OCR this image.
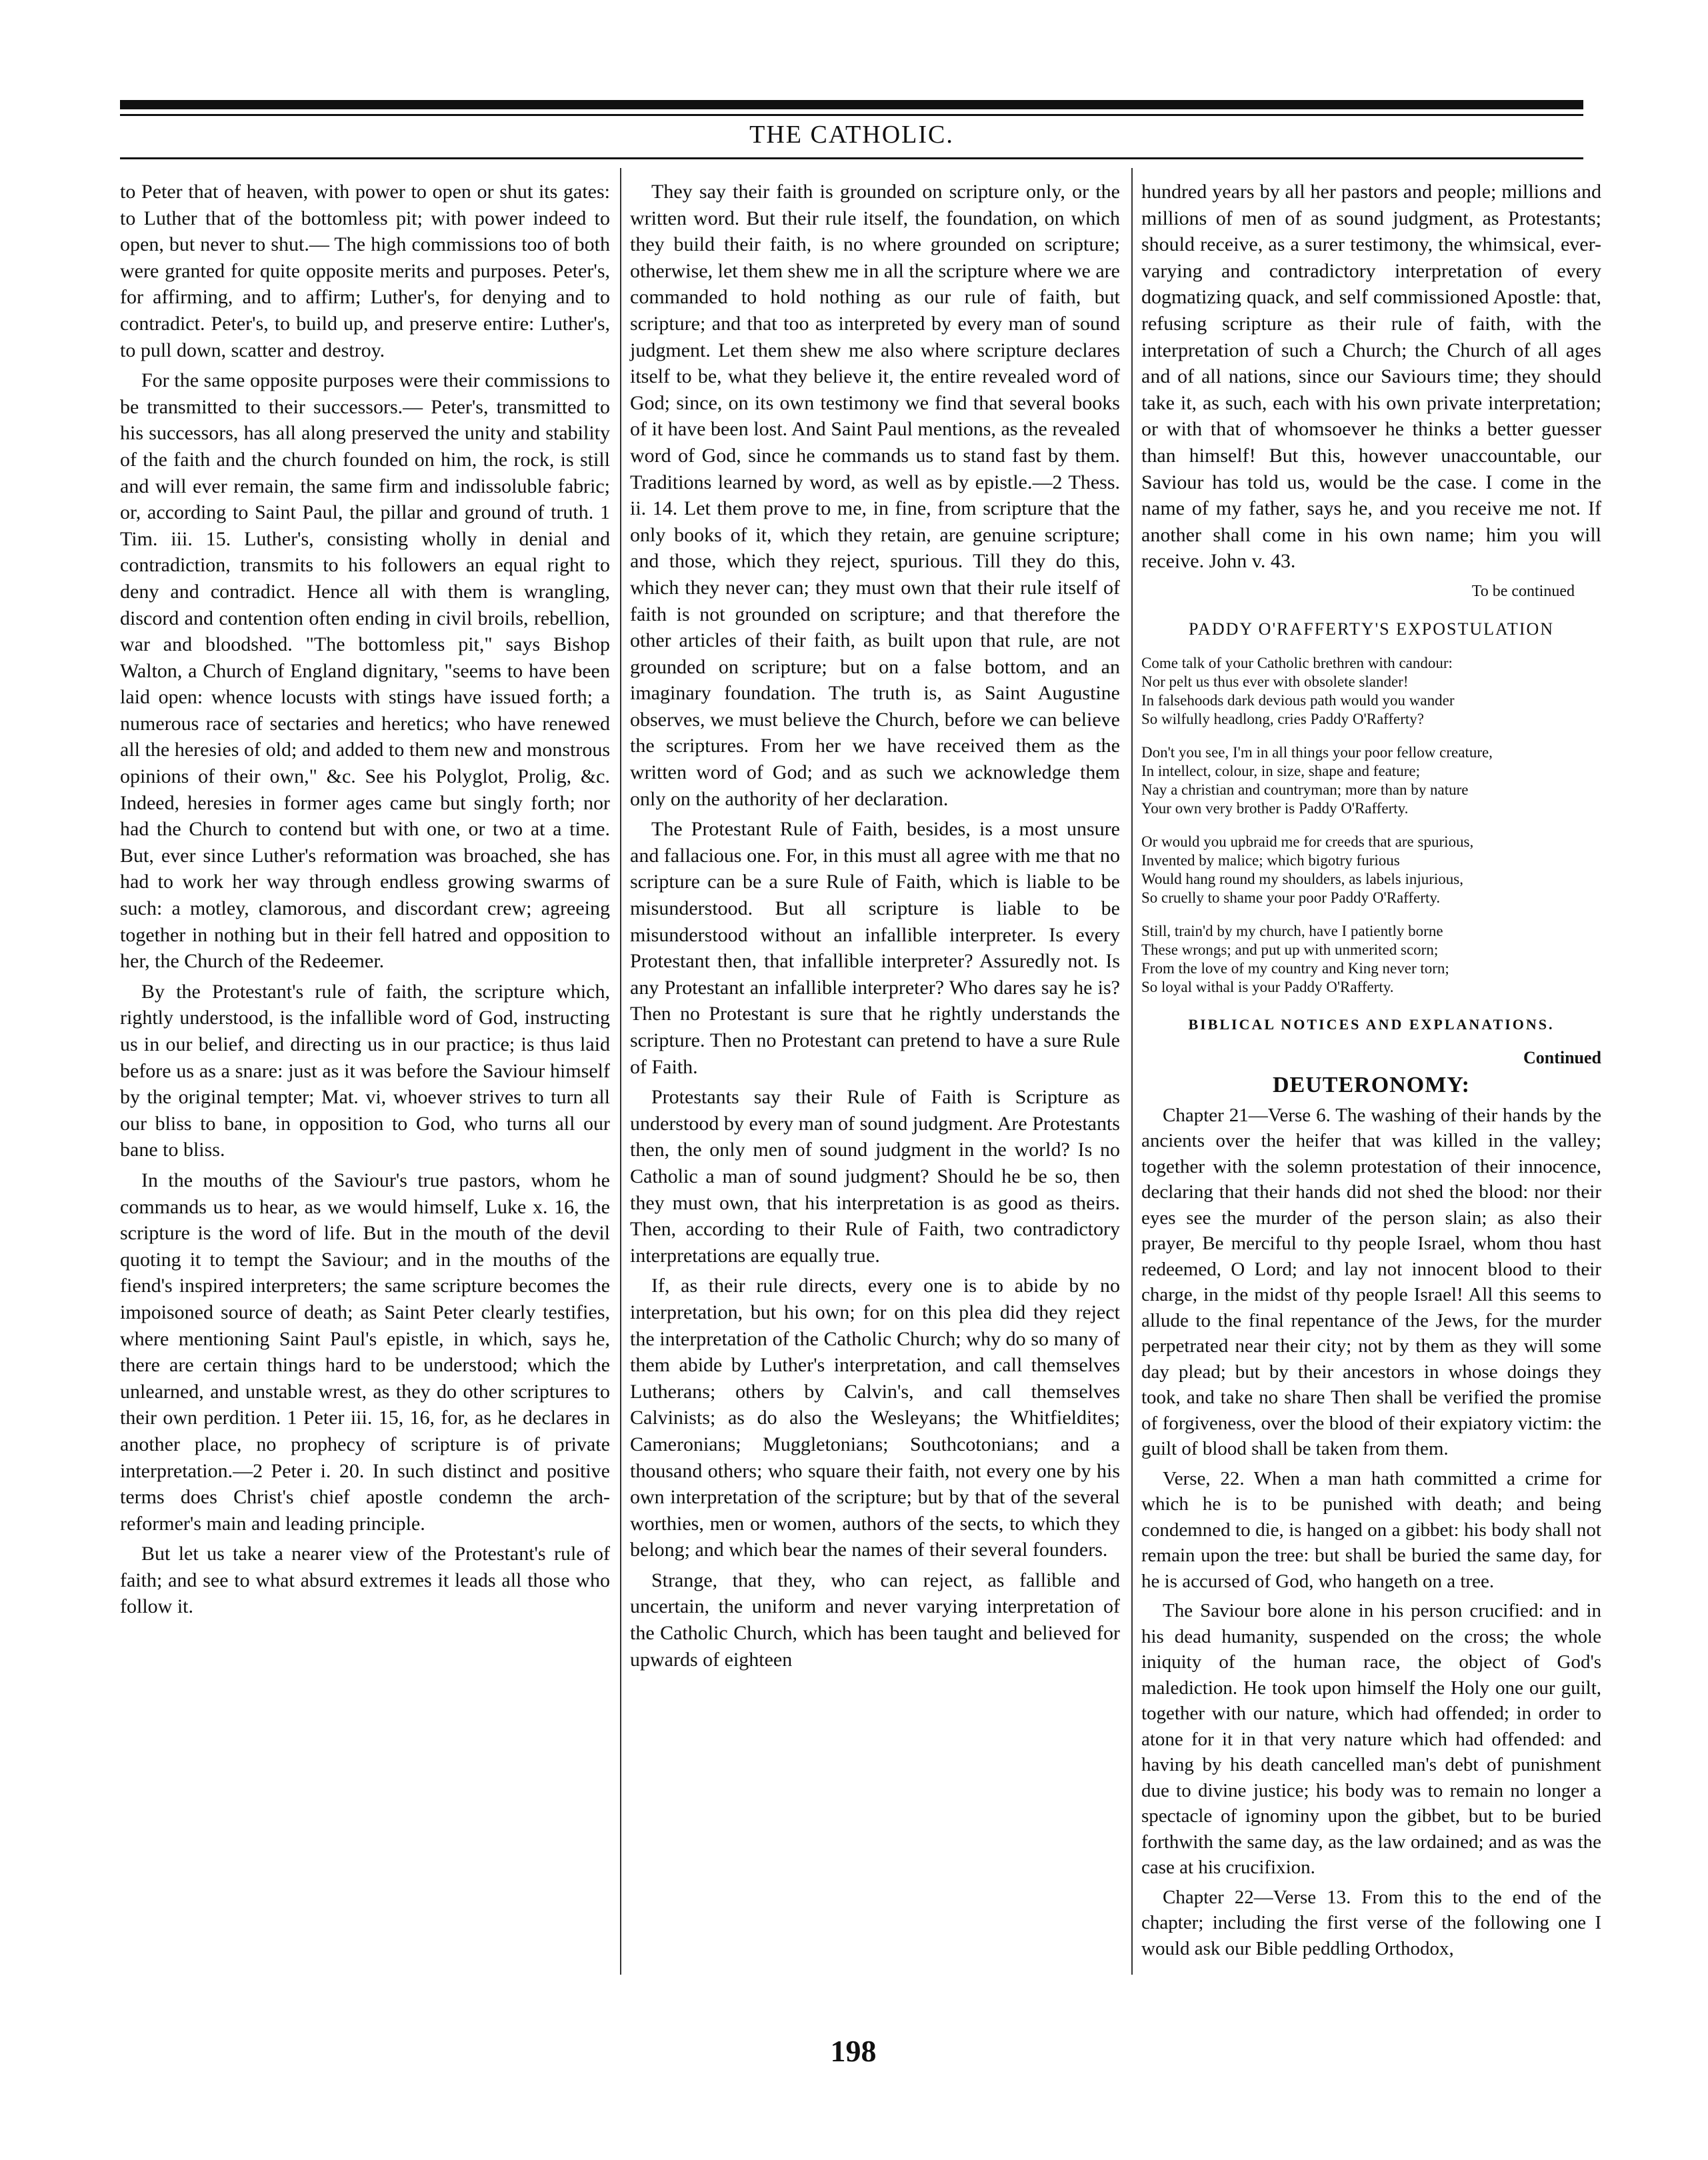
THE CATHOLIC.

to Peter that of heaven, with power to open or shut its gates: to Luther that of the bottomless pit; with power indeed to open, but never to shut.— The high commissions too of both were granted for quite opposite merits and purposes. Peter's, for affirming, and to affirm; Luther's, for denying and to contradict. Peter's, to build up, and preserve entire: Luther's, to pull down, scatter and destroy.

For the same opposite purposes were their commissions to be transmitted to their successors.— Peter's, transmitted to his successors, has all along preserved the unity and stability of the faith and the church founded on him, the rock, is still and will ever remain, the same firm and indissoluble fabric; or, according to Saint Paul, the pillar and ground of truth. 1 Tim. iii. 15. Luther's, consisting wholly in denial and contradiction, transmits to his followers an equal right to deny and contradict. Hence all with them is wrangling, discord and contention often ending in civil broils, rebellion, war and bloodshed. "The bottomless pit," says Bishop Walton, a Church of England dignitary, "seems to have been laid open: whence locusts with stings have issued forth; a numerous race of sectaries and heretics; who have renewed all the heresies of old; and added to them new and monstrous opinions of their own," &c. See his Polyglot, Prolig, &c. Indeed, heresies in former ages came but singly forth; nor had the Church to contend but with one, or two at a time. But, ever since Luther's reformation was broached, she has had to work her way through endless growing swarms of such: a motley, clamorous, and discordant crew; agreeing together in nothing but in their fell hatred and opposition to her, the Church of the Redeemer.

By the Protestant's rule of faith, the scripture which, rightly understood, is the infallible word of God, instructing us in our belief, and directing us in our practice; is thus laid before us as a snare: just as it was before the Saviour himself by the original tempter; Mat. vi, whoever strives to turn all our bliss to bane, in opposition to God, who turns all our bane to bliss.

In the mouths of the Saviour's true pastors, whom he commands us to hear, as we would himself, Luke x. 16, the scripture is the word of life. But in the mouth of the devil quoting it to tempt the Saviour; and in the mouths of the fiend's inspired interpreters; the same scripture becomes the impoisoned source of death; as Saint Peter clearly testifies, where mentioning Saint Paul's epistle, in which, says he, there are certain things hard to be understood; which the unlearned, and unstable wrest, as they do other scriptures to their own perdition. 1 Peter iii. 15, 16, for, as he declares in another place, no prophecy of scripture is of private interpretation.—2 Peter i. 20. In such distinct and positive terms does Christ's chief apostle condemn the arch-reformer's main and leading principle.

But let us take a nearer view of the Protestant's rule of faith; and see to what absurd extremes it leads all those who follow it.

They say their faith is grounded on scripture only, or the written word. But their rule itself, the foundation, on which they build their faith, is no where grounded on scripture; otherwise, let them shew me in all the scripture where we are commanded to hold nothing as our rule of faith, but scripture; and that too as interpreted by every man of sound judgment. Let them shew me also where scripture declares itself to be, what they believe it, the entire revealed word of God; since, on its own testimony we find that several books of it have been lost. And Saint Paul mentions, as the revealed word of God, since he commands us to stand fast by them. Traditions learned by word, as well as by epistle.—2 Thess. ii. 14. Let them prove to me, in fine, from scripture that the only books of it, which they retain, are genuine scripture; and those, which they reject, spurious. Till they do this, which they never can; they must own that their rule itself of faith is not grounded on scripture; and that therefore the other articles of their faith, as built upon that rule, are not grounded on scripture; but on a false bottom, and an imaginary foundation. The truth is, as Saint Augustine observes, we must believe the Church, before we can believe the scriptures. From her we have received them as the written word of God; and as such we acknowledge them only on the authority of her declaration.

The Protestant Rule of Faith, besides, is a most unsure and fallacious one. For, in this must all agree with me that no scripture can be a sure Rule of Faith, which is liable to be misunderstood. But all scripture is liable to be misunderstood without an infallible interpreter. Is every Protestant then, that infallible interpreter? Assuredly not. Is any Protestant an infallible interpreter? Who dares say he is? Then no Protestant is sure that he rightly understands the scripture. Then no Protestant can pretend to have a sure Rule of Faith.

Protestants say their Rule of Faith is Scripture as understood by every man of sound judgment. Are Protestants then, the only men of sound judgment in the world? Is no Catholic a man of sound judgment? Should he be so, then they must own, that his interpretation is as good as theirs. Then, according to their Rule of Faith, two contradictory interpretations are equally true.

If, as their rule directs, every one is to abide by no interpretation, but his own; for on this plea did they reject the interpretation of the Catholic Church; why do so many of them abide by Luther's interpretation, and call themselves Lutherans; others by Calvin's, and call themselves Calvinists; as do also the Wesleyans; the Whitfieldites; Cameronians; Muggletonians; Southcotonians; and a thousand others; who square their faith, not every one by his own interpretation of the scripture; but by that of the several worthies, men or women, authors of the sects, to which they belong; and which bear the names of their several founders.

Strange, that they, who can reject, as fallible and uncertain, the uniform and never varying interpretation of the Catholic Church, which has been taught and believed for upwards of eighteen

hundred years by all her pastors and people; millions and millions of men of as sound judgment, as Protestants; should receive, as a surer testimony, the whimsical, ever-varying and contradictory interpretation of every dogmatizing quack, and self commissioned Apostle: that, refusing scripture as their rule of faith, with the interpretation of such a Church; the Church of all ages and of all nations, since our Saviours time; they should take it, as such, each with his own private interpretation; or with that of whomsoever he thinks a better guesser than himself! But this, however unaccountable, our Saviour has told us, would be the case. I come in the name of my father, says he, and you receive me not. If another shall come in his own name; him you will receive. John v. 43.

To be continued

PADDY O'RAFFERTY'S EXPOSTULATION
Come talk of your Catholic brethren with candour:
Nor pelt us thus ever with obsolete slander!
In falsehoods dark devious path would you wander
So wilfully headlong, cries Paddy O'Rafferty?
Don't you see, I'm in all things your poor fellow creature,
In intellect, colour, in size, shape and feature;
Nay a christian and countryman; more than by nature
Your own very brother is Paddy O'Rafferty.
Or would you upbraid me for creeds that are spurious,
Invented by malice; which bigotry furious
Would hang round my shoulders, as labels injurious,
So cruelly to shame your poor Paddy O'Rafferty.
Still, train'd by my church, have I patiently borne
These wrongs; and put up with unmerited scorn;
From the love of my country and King never torn;
So loyal withal is your Paddy O'Rafferty.
BIBLICAL NOTICES AND EXPLANATIONS.
Continued
DEUTERONOMY:

Chapter 21—Verse 6. The washing of their hands by the ancients over the heifer that was killed in the valley; together with the solemn protestation of their innocence, declaring that their hands did not shed the blood: nor their eyes see the murder of the person slain; as also their prayer, Be merciful to thy people Israel, whom thou hast redeemed, O Lord; and lay not innocent blood to their charge, in the midst of thy people Israel! All this seems to allude to the final repentance of the Jews, for the murder perpetrated near their city; not by them as they will some day plead; but by their ancestors in whose doings they took, and take no share Then shall be verified the promise of forgiveness, over the blood of their expiatory victim: the guilt of blood shall be taken from them.

Verse, 22. When a man hath committed a crime for which he is to be punished with death; and being condemned to die, is hanged on a gibbet: his body shall not remain upon the tree: but shall be buried the same day, for he is accursed of God, who hangeth on a tree.

The Saviour bore alone in his person crucified: and in his dead humanity, suspended on the cross; the whole iniquity of the human race, the object of God's malediction. He took upon himself the Holy one our guilt, together with our nature, which had offended; in order to atone for it in that very nature which had offended: and having by his death cancelled man's debt of punishment due to divine justice; his body was to remain no longer a spectacle of ignominy upon the gibbet, but to be buried forthwith the same day, as the law ordained; and as was the case at his crucifixion.

Chapter 22—Verse 13. From this to the end of the chapter; including the first verse of the following one I would ask our Bible peddling Orthodox,

198
